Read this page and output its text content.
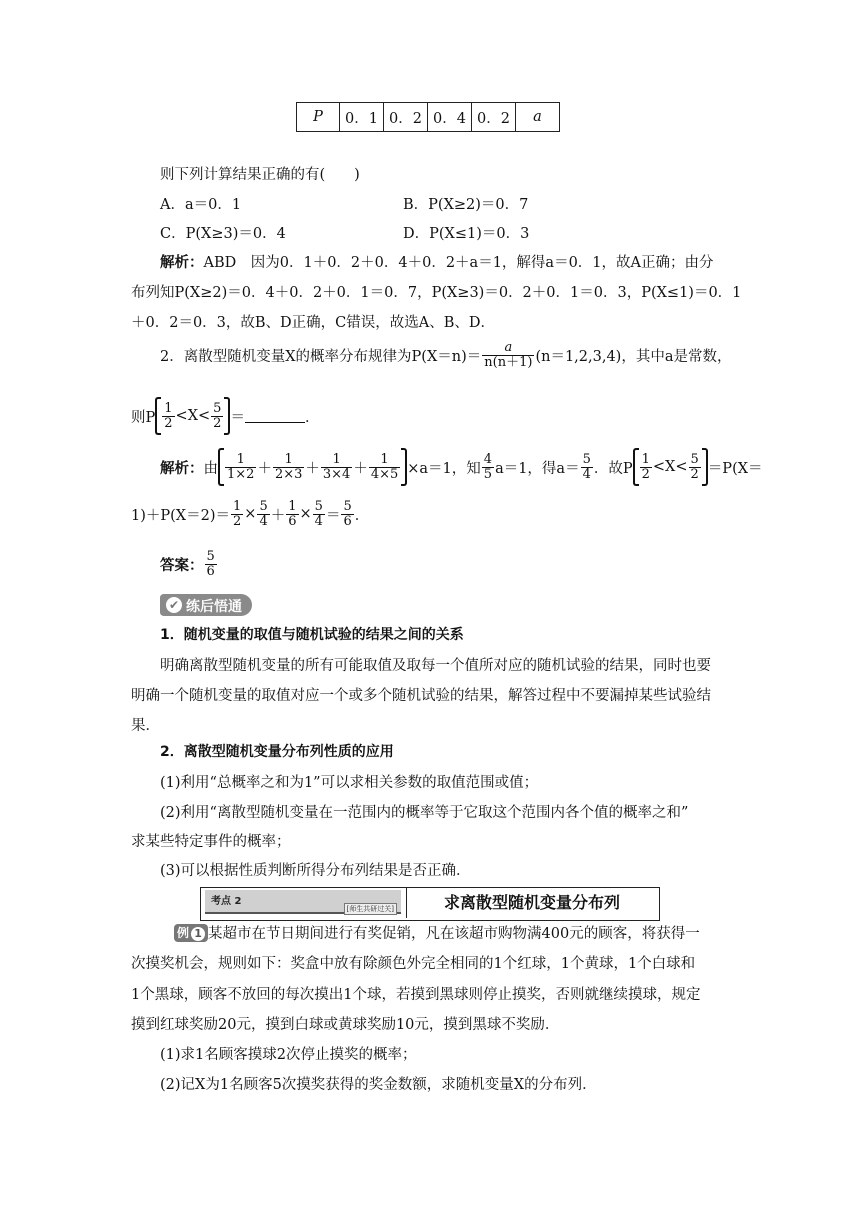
P	0．1	0．2	0．4	0．2	a
则下列计算结果正确的有(　　)
A．a＝0．1	B．P(X≥2)＝0．7
C．P(X≥3)＝0．4	D．P(X≤1)＝0．3
解析：ABD　因为0．1＋0．2＋0．4＋0．2＋a＝1，解得a＝0．1，故A正确；由分
布列知P(X≥2)＝0．4＋0．2＋0．1＝0．7，P(X≥3)＝0．2＋0．1＝0．3，P(X≤1)＝0．1
＋0．2＝0．3，故B、D正确，C错误，故选A、B、D．
2．离散型随机变量X的概率分布规律为$P(X=n)= \frac{a}{n(n+1)} (n=1,2,3,4)$，其中a是常数，
则P $\frac{1}{2} <X< \frac{5}{2}$ ＝	．
解析： 由 $\frac{1}{1\times 2} + \frac{1}{2\times 3} + \frac{1}{3\times 4} + \frac{1}{4\times 5} \times a=1$，知 $\frac{4}{5} a=1$，得$a= \frac{5}{4}$ ．故P $\frac{1}{2} <X< \frac{5}{2} =P(X=$
$1)+P(X=2)= \frac{1}{2} \times \frac{5}{4} + \frac{1}{6} \times \frac{5}{4} = \frac{5}{6}$ ．
答案： $\frac{5}{6}$
✔ 练后悟通
1．随机变量的取值与随机试验的结果之间的关系
明确离散型随机变量的所有可能取值及取每一个值所对应的随机试验的结果，同时也要
明确一个随机变量的取值对应一个或多个随机试验的结果，解答过程中不要漏掉某些试验结
果．
2．离散型随机变量分布列性质的应用
(1)利用“总概率之和为1”可以求相关参数的取值范围或值；
(2)利用“离散型随机变量在一范围内的概率等于它取这个范围内各个值的概率之和”
求某些特定事件的概率；
(3)可以根据性质判断所得分布列结果是否正确．
考点 2
[师生共研过关]	求离散型随机变量分布列
例 1 某超市在节日期间进行有奖促销，凡在该超市购物满400元的顾客，将获得一
次摸奖机会，规则如下：奖盒中放有除颜色外完全相同的1个红球，1个黄球，1个白球和
1个黑球，顾客不放回的每次摸出1个球，若摸到黑球则停止摸奖，否则就继续摸球，规定
摸到红球奖励20元，摸到白球或黄球奖励10元，摸到黑球不奖励．
(1)求1名顾客摸球2次停止摸奖的概率；
(2)记X为1名顾客5次摸奖获得的奖金数额，求随机变量X的分布列．
